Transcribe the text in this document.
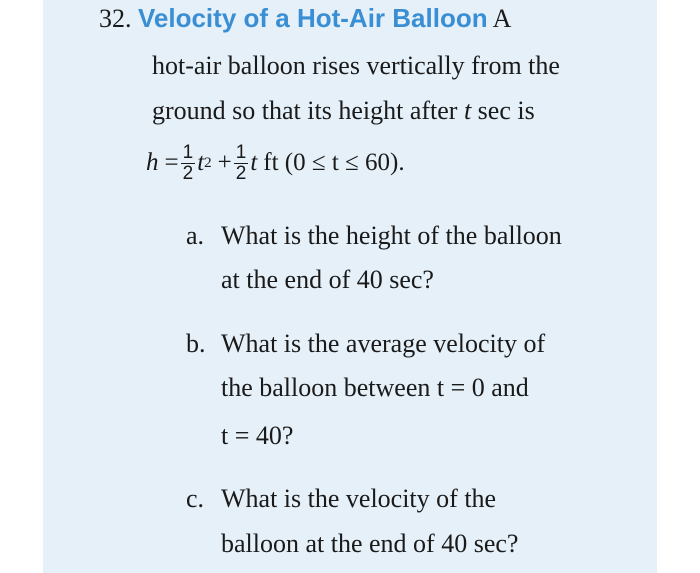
32. Velocity of a Hot-Air Balloon A
hot-air balloon rises vertically from the
ground so that its height after t sec is
$h = \frac{1}{2}$ t $2 + \frac{1}{2}$ t ft (0 ≤ t ≤ 60).
a. What is the height of the balloon
at the end of 40 sec?
b. What is the average velocity of
the balloon between t = 0 and
t = 40?
c. What is the velocity of the
balloon at the end of 40 sec?
